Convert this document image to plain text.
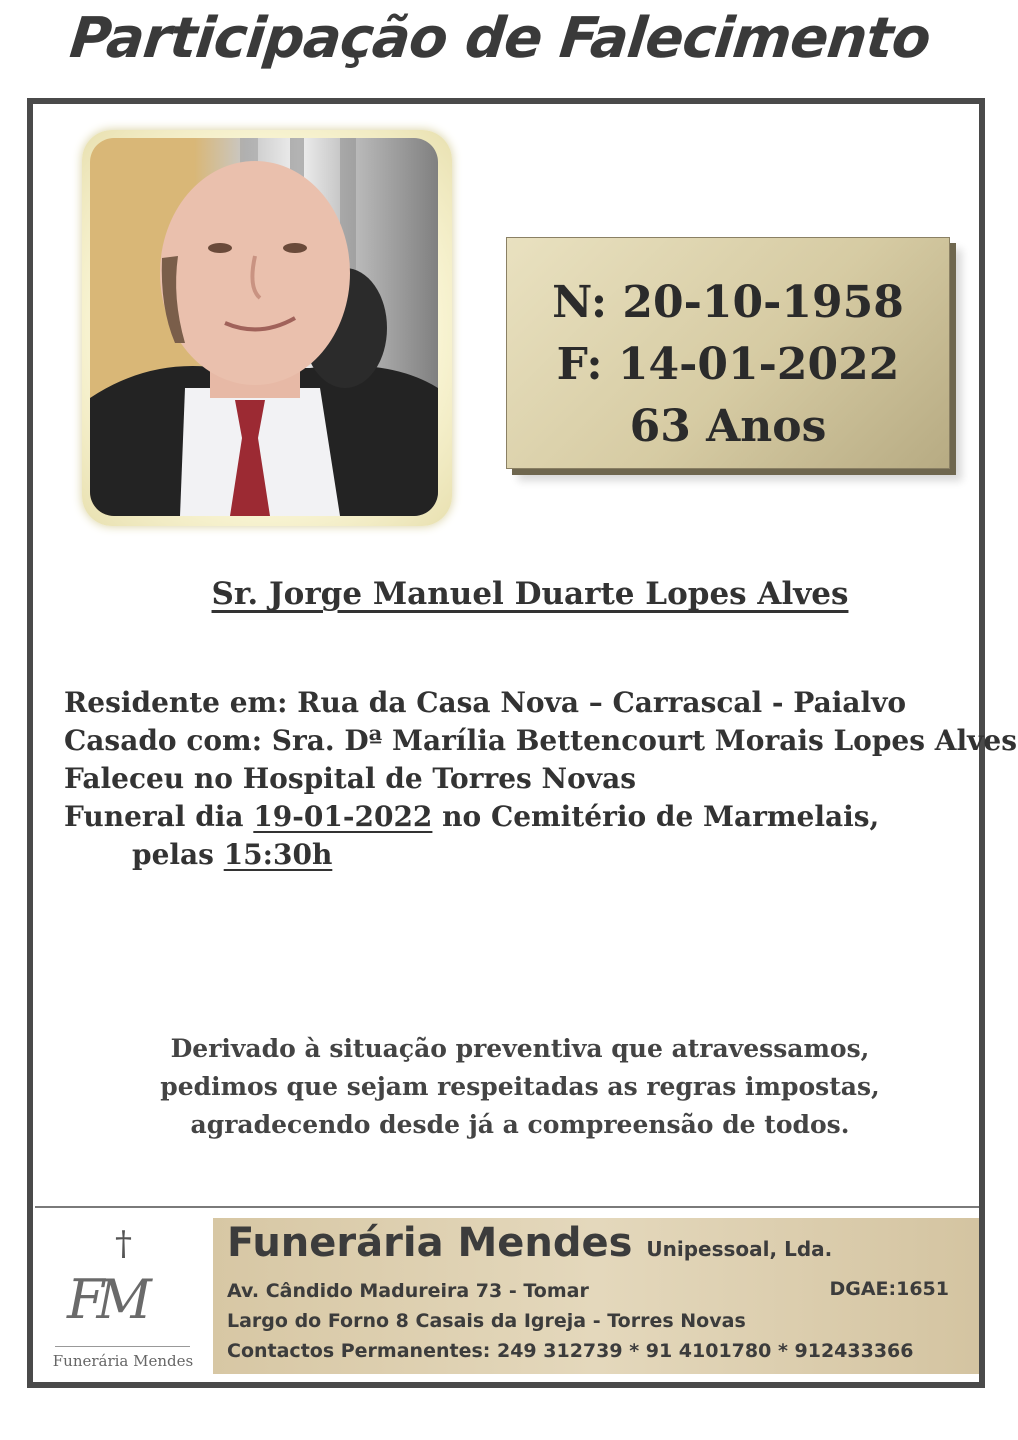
Participação de Falecimento
N: 20-10-1958
F: 14-01-2022
63 Anos
Sr. Jorge Manuel Duarte Lopes Alves
Residente em: Rua da Casa Nova – Carrascal - Paialvo
Casado com: Sra. Dª Marília Bettencourt Morais Lopes Alves
Faleceu no Hospital de Torres Novas
Funeral dia 19-01-2022 no Cemitério de Marmelais,
pelas 15:30h
Derivado à situação preventiva que atravessamos,
pedimos que sejam respeitadas as regras impostas,
agradecendo desde já a compreensão de todos.
†
FM
Funerária Mendes
Funerária Mendes Unipessoal, Lda.
Av. Cândido Madureira 73 - Tomar	DGAE:1651
Largo do Forno 8 Casais da Igreja - Torres Novas
Contactos Permanentes: 249 312739 * 91 4101780 * 912433366
